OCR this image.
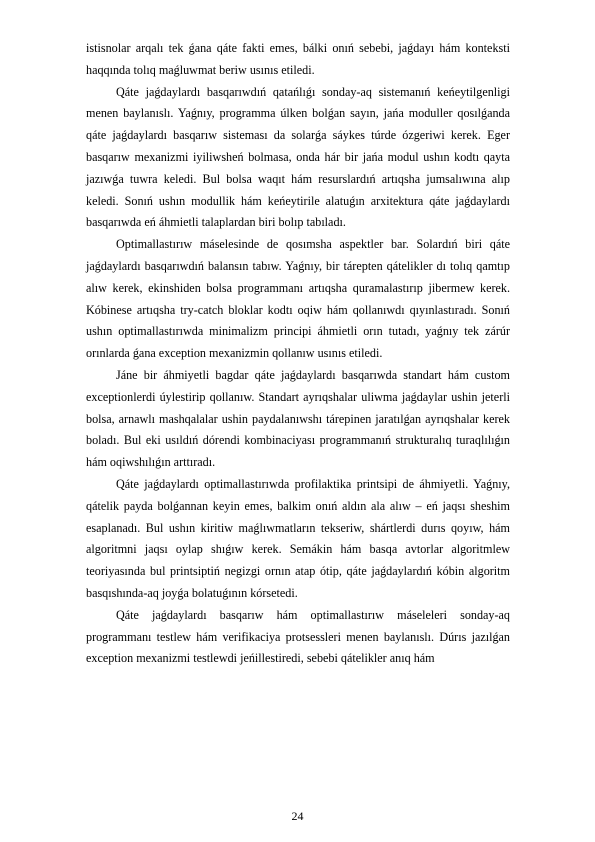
istisnolar arqalı tek ǵana qáte fakti emes, bálki onıń sebebi, jaǵdayı hám konteksti haqqında tolıq maǵluwmat beriw usınıs etiledi.

Qáte jaǵdaylardı basqarıwdıń qatańlıǵı sonday-aq sistemanıń keńeytilgenligi menen baylanıslı. Yaǵnıy, programma úlken bolǵan sayın, jańa moduller qosılǵanda qáte jaǵdaylardı basqarıw sisteması da solarǵa sáykes túrde ózgeriwi kerek. Eger basqarıw mexanizmi iyiliwsheń bolmasa, onda hár bir jańa modul ushın kodtı qayta jazıwǵa tuwra keledi. Bul bolsa waqıt hám resurslardıń artıqsha jumsalıwına alıp keledi. Sonıń ushın modullik hám keńeytirile alatuǵın arxitektura qáte jaǵdaylardı basqarıwda eń áhmietli talaplardan biri bolıp tabıladı.

Optimallastırıw máselesinde de qosımsha aspektler bar. Solardıń biri qáte jaǵdaylardı basqarıwdıń balansın tabıw. Yaǵnıy, bir tárepten qátelikler dı tolıq qamtıp alıw kerek, ekinshiden bolsa programmanı artıqsha quramalastırıp jibermew kerek. Kóbinese artıqsha try-catch bloklar kodtı oqiw hám qollanıwdı qıyınlastıradı. Sonıń ushın optimallastırıwda minimalizm principi áhmietli orın tutadı, yaǵnıy tek zárúr orınlarda ǵana exception mexanizmin qollanıw usınıs etiledi.

Jáne bir áhmiyetli bagdar qáte jaǵdaylardı basqarıwda standart hám custom exceptionlerdi úylestirip qollanıw. Standart ayrıqshalar uliwma jaǵdaylar ushin jeterli bolsa, arnawlı mashqalalar ushin paydalanıwshı tárepinen jaratılǵan ayrıqshalar kerek boladı. Bul eki usıldıń dórendi kombinaciyası programmanıń strukturalıq turaqlılıǵın hám oqiwshılıǵın arttıradı.

Qáte jaǵdaylardı optimallastırıwda profilaktika printsipi de áhmiyetli. Yaǵnıy, qátelik payda bolǵannan keyin emes, balkim onıń aldın ala alıw – eń jaqsı sheshim esaplanadı. Bul ushın kiritiw maǵlıwmatların tekseriw, shártlerdi durıs qoyıw, hám algoritmni jaqsı oylap shıǵıw kerek. Semákin hám basqa avtorlar algoritmlew teoriyasında bul printsiptiń negizgi ornın atap ótip, qáte jaǵdaylardıń kóbin algoritm basqıshında-aq joyǵa bolatuǵının kórsetedi.

Qáte jaǵdaylardı basqarıw hám optimallastırıw máseleleri sonday-aq programmanı testlew hám verifikaciya protsessleri menen baylanıslı. Dúrıs jazılǵan exception mexanizmi testlewdi jeńillestiredi, sebebi qátelikler anıq hám

24
